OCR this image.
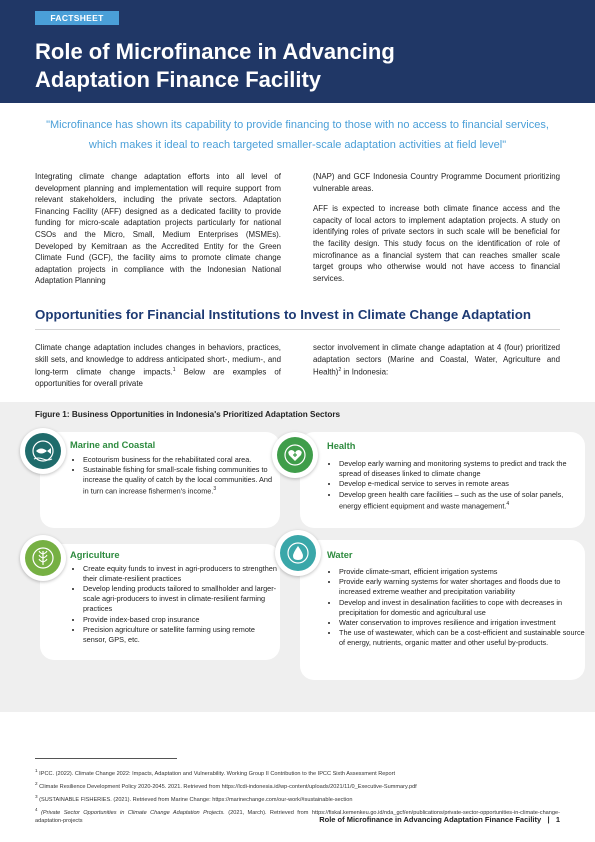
FACTSHEET
Role of Microfinance in Advancing
Adaptation Finance Facility
"Microfinance has shown its capability to provide financing to those with no access to financial services, which makes it ideal to reach targeted smaller-scale adaptation activities at field level"

Integrating climate change adaptation efforts into all level of development planning and implementation will require support from relevant stakeholders, including the private sectors. Adaptation Financing Facility (AFF) designed as a dedicated facility to provide funding for micro-scale adaptation projects particularly for national CSOs and the Micro, Small, Medium Enterprises (MSMEs). Developed by Kemitraan as the Accredited Entity for the Green Climate Fund (GCF), the facility aims to promote climate change adaptation projects in compliance with the Indonesian National Adaptation Planning

(NAP) and GCF Indonesia Country Programme Document prioritizing vulnerable areas.

AFF is expected to increase both climate finance access and the capacity of local actors to implement adaptation projects. A study on identifying roles of private sectors in such scale will be beneficial for the facility design. This study focus on the identification of role of microfinance as a financial system that can reaches smaller scale target groups who otherwise would not have access to financial services.

Opportunities for Financial Institutions to Invest in Climate Change Adaptation

Climate change adaptation includes changes in behaviors, practices, skill sets, and knowledge to address anticipated short-, medium-, and long-term climate change impacts.$^1$ Below are examples of opportunities for overall private

sector involvement in climate change adaptation at 4 (four) prioritized adaptation sectors (Marine and Coastal, Water, Agriculture and Health)$^2$ in Indonesia:

Figure 1: Business Opportunities in Indonesia's Prioritized Adaptation Sectors
Marine and Coastal
• Ecotourism business for the rehabilitated coral area.
• Sustainable fishing for small-scale fishing communities to increase the quality of catch by the local communities. And in turn can increase fishermen's income.$^3$
Health
• Develop early warning and monitoring systems to predict and track the spread of diseases linked to climate change
• Develop e-medical service to serves in remote areas
• Develop green health care facilities – such as the use of solar panels, energy efficient equipment and waste management.$^4$
Agriculture
• Create equity funds to invest in agri-producers to strengthen their climate-resilient practices
• Develop lending products tailored to smallholder and larger-scale agri-producers to invest in climate-resilient farming practices
• Provide index-based crop insurance
• Precision agriculture or satellite farming using remote sensor, GPS, etc.
Water
• Provide climate-smart, efficient irrigation systems
• Provide early warning systems for water shortages and floods due to increased extreme weather and precipitation variability
• Develop and invest in desalination facilities to cope with decreases in precipitation for domestic and agricultural use
• Water conservation to improves resilience and irrigation investment
• The use of wastewater, which can be a cost-efficient and sustainable source of energy, nutrients, organic matter and other useful by-products.
$^1$ IPCC. (2022). Climate Change 2022: Impacts, Adaptation and Vulnerability. Working Group II Contribution to the IPCC Sixth Assessment Report
$^2$ Climate Resilience Development Policy 2020-2045. 2021. Retrieved from https://lcdi-indonesia.id/wp-content/uploads/2021/11/0_Executive-Summary.pdf
$^3$ (SUSTAINABLE FISHERIES. (2021). Retrieved from Marine Change: https://marinechange.com/our-work/#sustainable-section
$^4$ (Private Sector Opportunities in Climate Change Adaptation Projects. (2021, March). Retrieved from https://fiskal.kemenkeu.go.id/nda_gcf/en/publications/private-sector-opportunities-in-climate-change-adaptation-projects	Role of Microfinance in Advancing Adaptation Finance Facility | 1
